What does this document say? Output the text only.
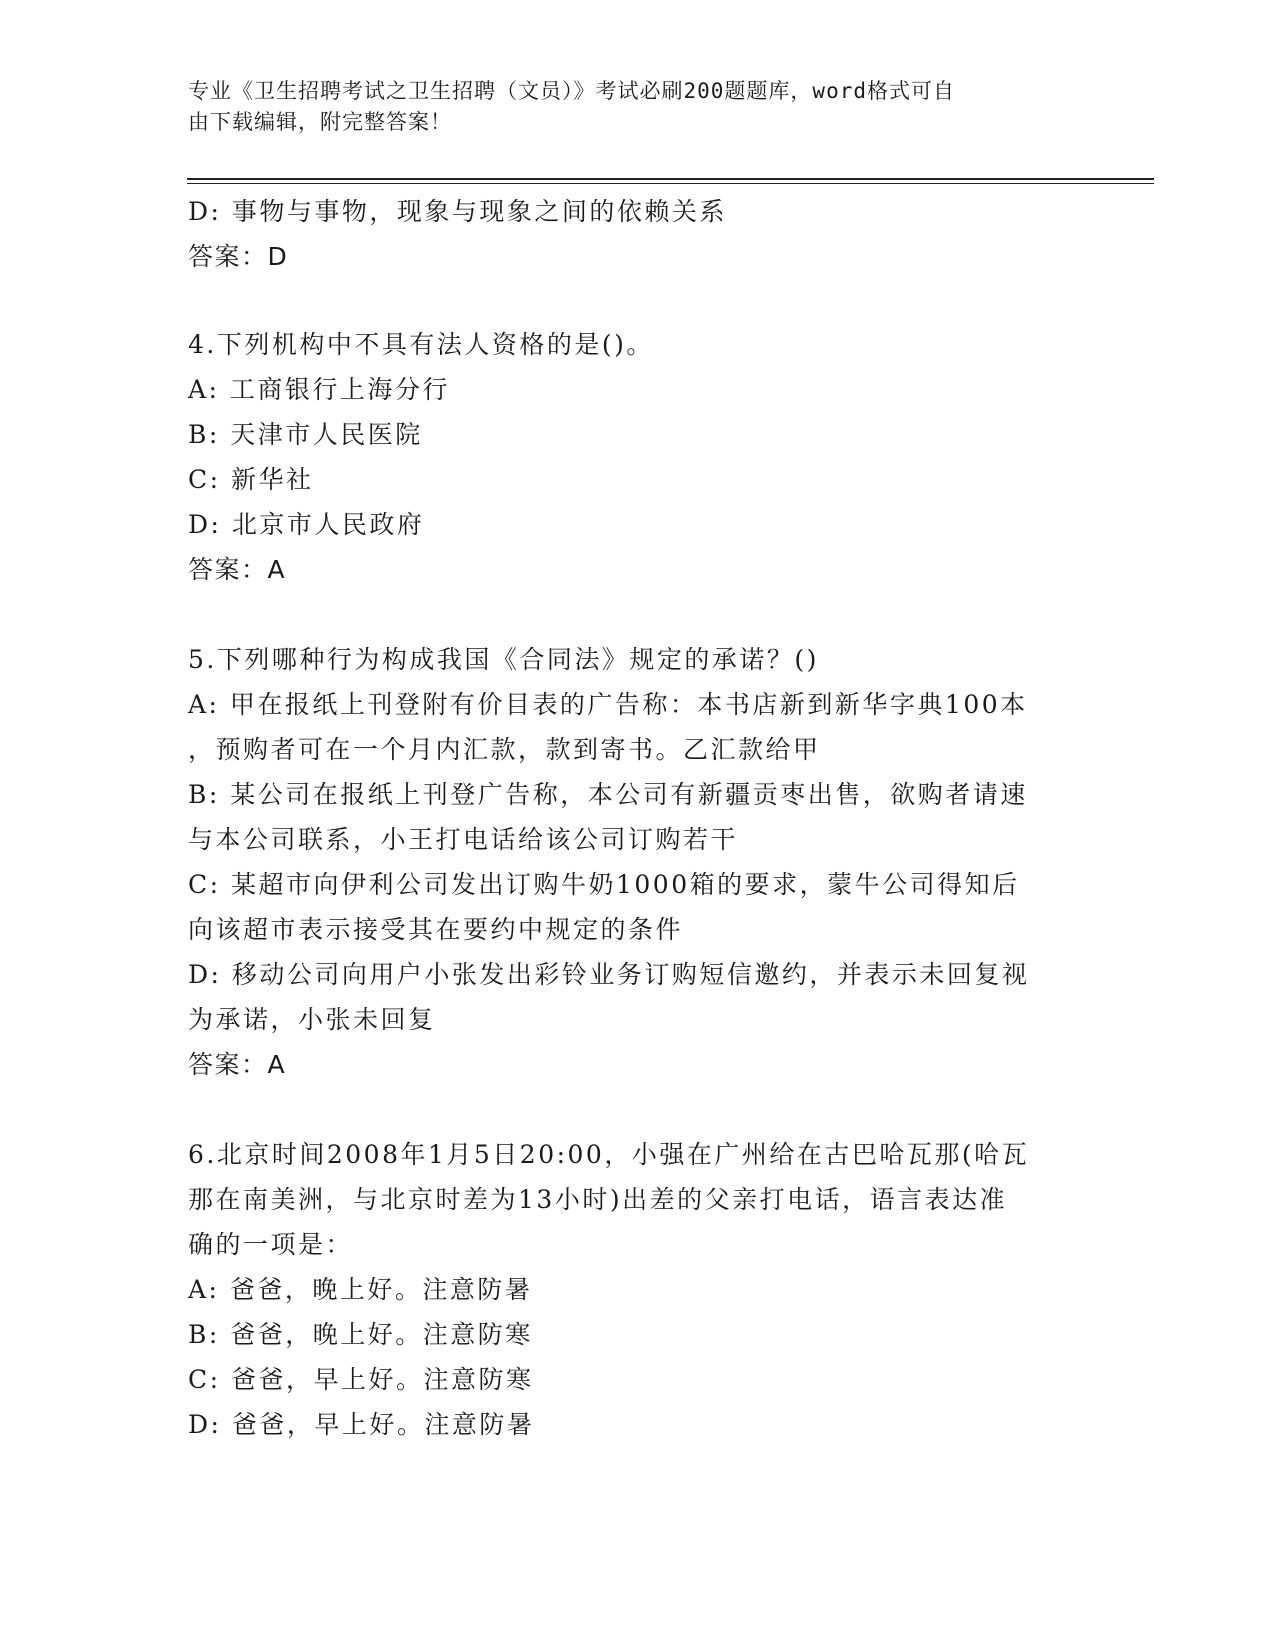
专业《卫生招聘考试之卫生招聘（文员）》考试必刷200题题库，word格式可自
由下载编辑，附完整答案！
D: 事物与事物，现象与现象之间的依赖关系
答案：D
4.下列机构中不具有法人资格的是()。
A: 工商银行上海分行
B: 天津市人民医院
C: 新华社
D: 北京市人民政府
答案：A
5.下列哪种行为构成我国《合同法》规定的承诺？()
A: 甲在报纸上刊登附有价目表的广告称：本书店新到新华字典100本
，预购者可在一个月内汇款，款到寄书。乙汇款给甲
B: 某公司在报纸上刊登广告称，本公司有新疆贡枣出售，欲购者请速
与本公司联系，小王打电话给该公司订购若干
C: 某超市向伊利公司发出订购牛奶1000箱的要求，蒙牛公司得知后
向该超市表示接受其在要约中规定的条件
D: 移动公司向用户小张发出彩铃业务订购短信邀约，并表示未回复视
为承诺，小张未回复
答案：A
6.北京时间2008年1月5日20:00，小强在广州给在古巴哈瓦那(哈瓦
那在南美洲，与北京时差为13小时)出差的父亲打电话，语言表达准
确的一项是：
A: 爸爸，晚上好。注意防暑
B: 爸爸，晚上好。注意防寒
C: 爸爸，早上好。注意防寒
D: 爸爸，早上好。注意防暑
